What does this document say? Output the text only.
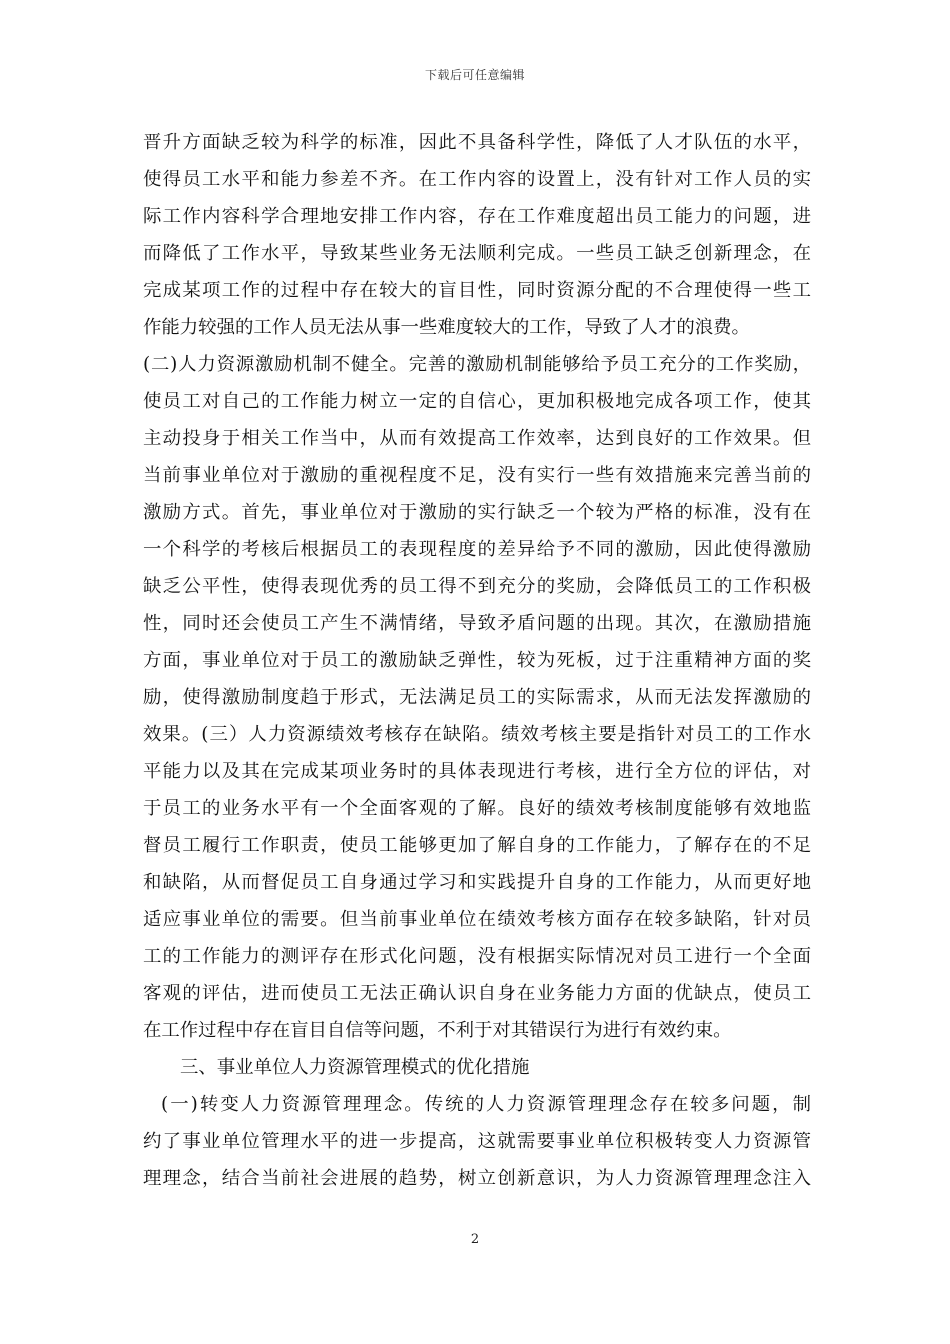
下载后可任意编辑
晋升方面缺乏较为科学的标准，因此不具备科学性，降低了人才队伍的水平，
使得员工水平和能力参差不齐。在工作内容的设置上，没有针对工作人员的实
际工作内容科学合理地安排工作内容，存在工作难度超出员工能力的问题，进
而降低了工作水平，导致某些业务无法顺利完成。一些员工缺乏创新理念，在
完成某项工作的过程中存在较大的盲目性，同时资源分配的不合理使得一些工
作能力较强的工作人员无法从事一些难度较大的工作，导致了人才的浪费。
(二)人力资源激励机制不健全。完善的激励机制能够给予员工充分的工作奖励，
使员工对自己的工作能力树立一定的自信心，更加积极地完成各项工作，使其
主动投身于相关工作当中，从而有效提高工作效率，达到良好的工作效果。但
当前事业单位对于激励的重视程度不足，没有实行一些有效措施来完善当前的
激励方式。首先，事业单位对于激励的实行缺乏一个较为严格的标准，没有在
一个科学的考核后根据员工的表现程度的差异给予不同的激励，因此使得激励
缺乏公平性，使得表现优秀的员工得不到充分的奖励，会降低员工的工作积极
性，同时还会使员工产生不满情绪，导致矛盾问题的出现。其次，在激励措施
方面，事业单位对于员工的激励缺乏弹性，较为死板，过于注重精神方面的奖
励，使得激励制度趋于形式，无法满足员工的实际需求，从而无法发挥激励的
效果。(三）人力资源绩效考核存在缺陷。绩效考核主要是指针对员工的工作水
平能力以及其在完成某项业务时的具体表现进行考核，进行全方位的评估，对
于员工的业务水平有一个全面客观的了解。良好的绩效考核制度能够有效地监
督员工履行工作职责，使员工能够更加了解自身的工作能力，了解存在的不足
和缺陷，从而督促员工自身通过学习和实践提升自身的工作能力，从而更好地
适应事业单位的需要。但当前事业单位在绩效考核方面存在较多缺陷，针对员
工的工作能力的测评存在形式化问题，没有根据实际情况对员工进行一个全面
客观的评估，进而使员工无法正确认识自身在业务能力方面的优缺点，使员工
在工作过程中存在盲目自信等问题，不利于对其错误行为进行有效约束。
三、事业单位人力资源管理模式的优化措施
(一)转变人力资源管理理念。传统的人力资源管理理念存在较多问题，制
约了事业单位管理水平的进一步提高，这就需要事业单位积极转变人力资源管
理理念，结合当前社会进展的趋势，树立创新意识，为人力资源管理理念注入
2
